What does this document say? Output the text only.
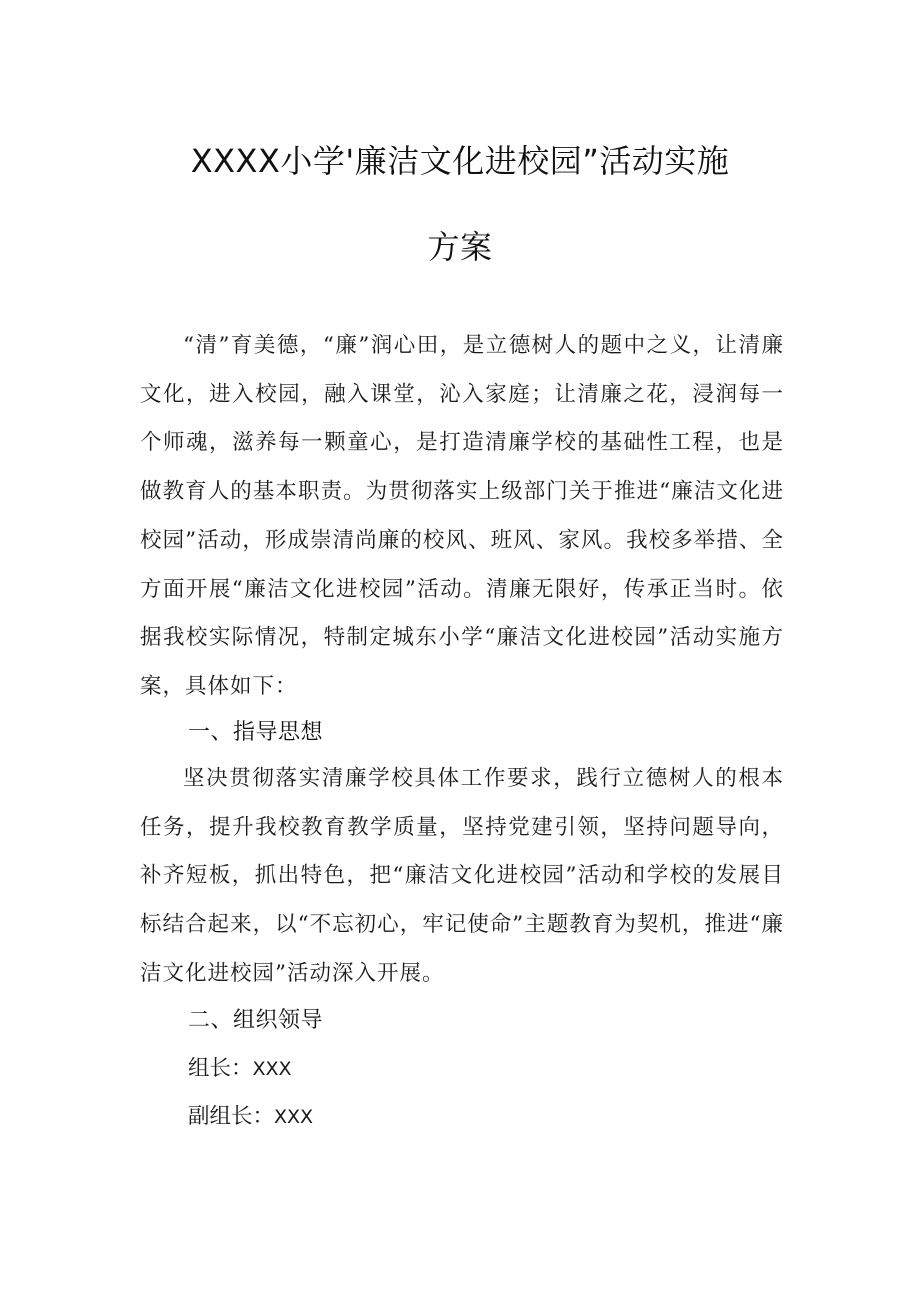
XXXX小学'廉洁文化进校园”活动实施
方案

“清”育美德，“廉”润心田，是立德树人的题中之义，让清廉文化，进入校园，融入课堂，沁入家庭；让清廉之花，浸润每一个师魂，滋养每一颗童心，是打造清廉学校的基础性工程，也是做教育人的基本职责。为贯彻落实上级部门关于推进“廉洁文化进校园”活动，形成崇清尚廉的校风、班风、家风。我校多举措、全方面开展“廉洁文化进校园”活动。清廉无限好，传承正当时。依据我校实际情况，特制定城东小学“廉洁文化进校园”活动实施方案，具体如下：

一、指导思想

坚决贯彻落实清廉学校具体工作要求，践行立德树人的根本任务，提升我校教育教学质量，坚持党建引领，坚持问题导向，补齐短板，抓出特色，把“廉洁文化进校园”活动和学校的发展目标结合起来，以“不忘初心，牢记使命”主题教育为契机，推进“廉洁文化进校园”活动深入开展。

二、组织领导
组长：XXX
副组长：XXX
